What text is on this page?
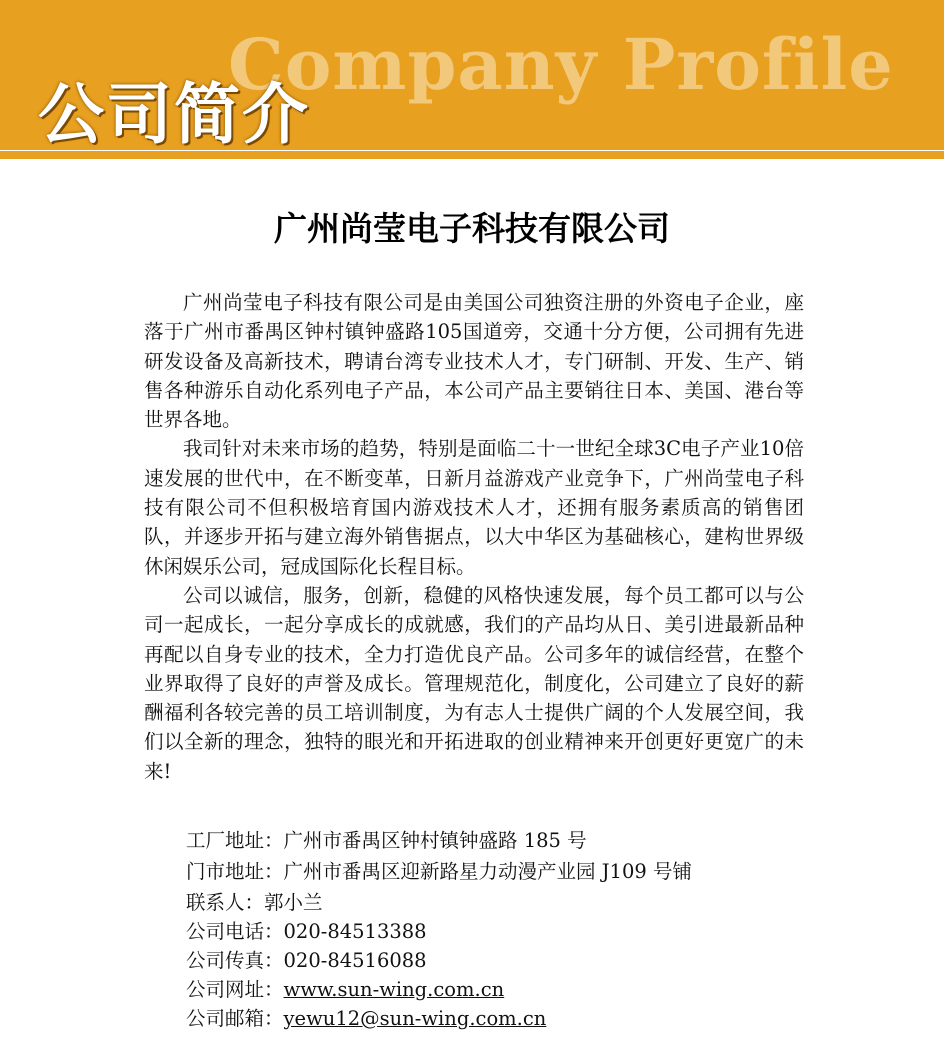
Company Profile
公司简介
广州尚莹电子科技有限公司

广州尚莹电子科技有限公司是由美国公司独资注册的外资电子企业，座落于广州市番禺区钟村镇钟盛路105国道旁，交通十分方便，公司拥有先进研发设备及高新技术，聘请台湾专业技术人才，专门研制、开发、生产、销售各种游乐自动化系列电子产品，本公司产品主要销往日本、美国、港台等世界各地。

我司针对未来市场的趋势，特别是面临二十一世纪全球3C电子产业10倍速发展的世代中，在不断变革，日新月益游戏产业竞争下，广州尚莹电子科技有限公司不但积极培育国内游戏技术人才，还拥有服务素质高的销售团队，并逐步开拓与建立海外销售据点，以大中华区为基础核心，建构世界级休闲娱乐公司，冠成国际化长程目标。

公司以诚信，服务，创新，稳健的风格快速发展，每个员工都可以与公司一起成长，一起分享成长的成就感，我们的产品均从日、美引进最新品种再配以自身专业的技术，全力打造优良产品。公司多年的诚信经营，在整个业界取得了良好的声誉及成长。管理规范化，制度化，公司建立了良好的薪酬福利各较完善的员工培训制度，为有志人士提供广阔的个人发展空间，我们以全新的理念，独特的眼光和开拓进取的创业精神来开创更好更宽广的未来!

工厂地址：广州市番禺区钟村镇钟盛路 185 号
门市地址：广州市番禺区迎新路星力动漫产业园 J109 号铺
联系人：郭小兰
公司电话：020-84513388
公司传真：020-84516088
公司网址：www.sun-wing.com.cn
公司邮箱：yewu12@sun-wing.com.cn
